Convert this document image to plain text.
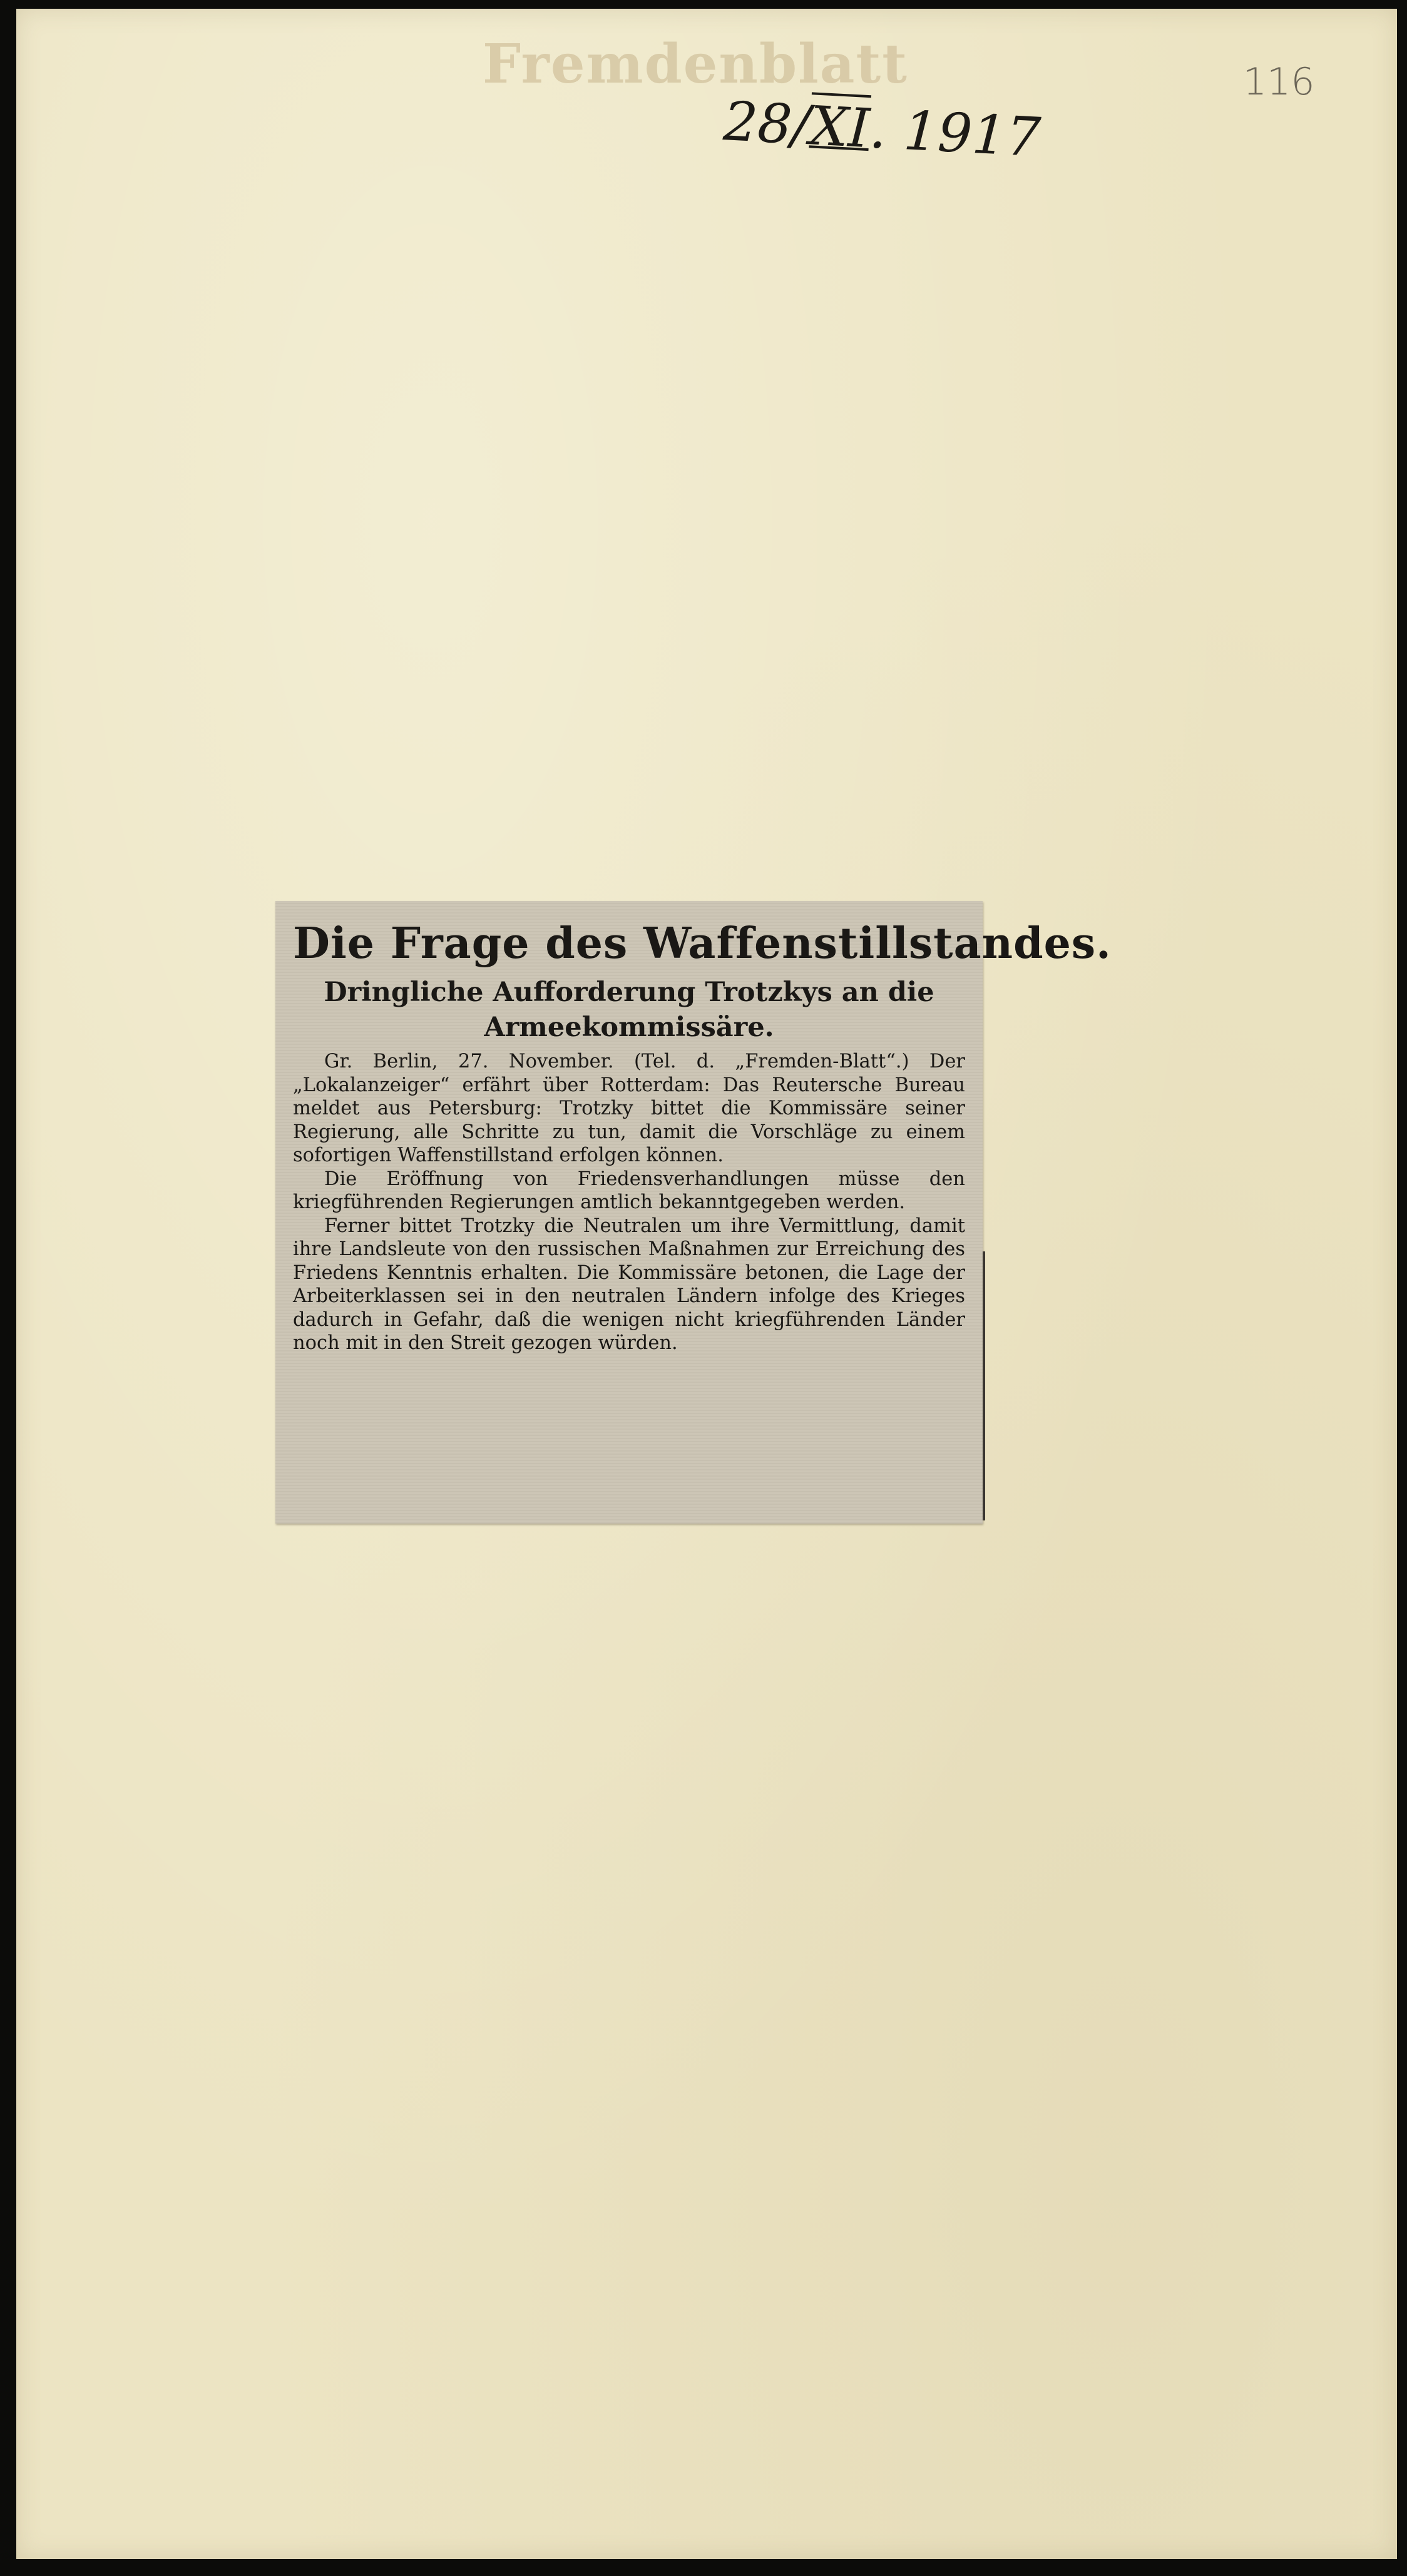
Fremdenblatt
28/XI. 1917
116
Die Frage des Waffenstillstandes.
Dringliche Aufforderung Trotzkys an die Armeekommissäre.

Gr. Berlin, 27. November. (Tel. d. „Fremden-Blatt“.) Der „Lokalanzeiger“ erfährt über Rotterdam: Das Reutersche Bureau meldet aus Petersburg: Trotzky bittet die Kommissäre seiner Regierung, alle Schritte zu tun, damit die Vorschläge zu einem sofortigen Waffenstillstand erfolgen können.

Die Eröffnung von Friedensverhandlungen müsse den kriegführenden Regierungen amtlich bekanntgegeben werden.

Ferner bittet Trotzky die Neutralen um ihre Vermittlung, damit ihre Landsleute von den russischen Maßnahmen zur Erreichung des Friedens Kenntnis erhalten. Die Kommissäre betonen, die Lage der Arbeiterklassen sei in den neutralen Ländern infolge des Krieges dadurch in Gefahr, daß die wenigen nicht kriegführenden Länder noch mit in den Streit gezogen würden.
